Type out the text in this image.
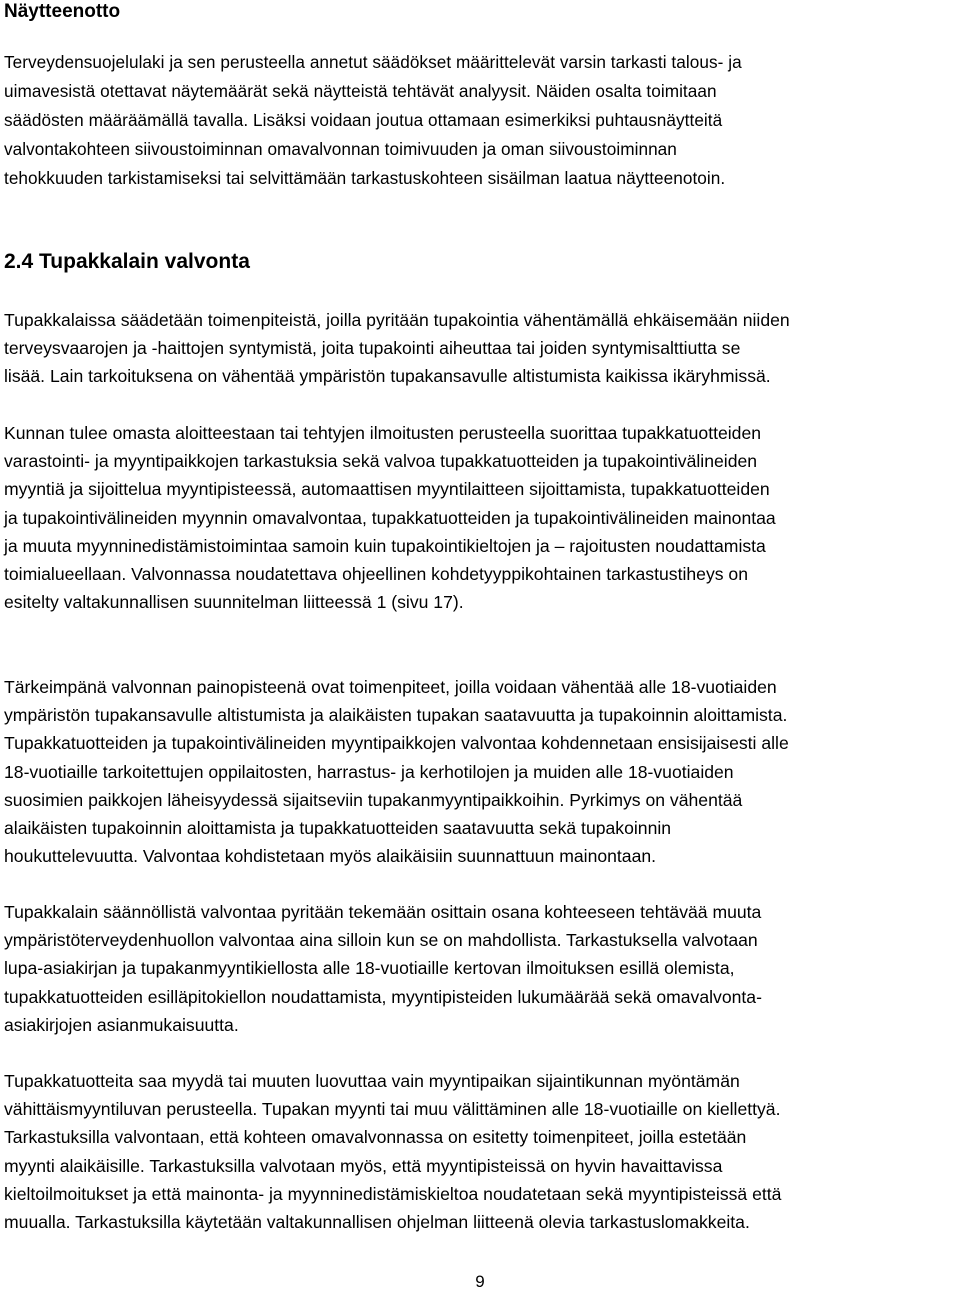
Näytteenotto

Terveydensuojelulaki ja sen perusteella annetut säädökset määrittelevät varsin tarkasti talous- ja
uimavesistä otettavat näytemäärät sekä näytteistä tehtävät analyysit. Näiden osalta toimitaan
säädösten määräämällä tavalla. Lisäksi voidaan joutua ottamaan esimerkiksi puhtausnäytteitä
valvontakohteen siivoustoiminnan omavalvonnan toimivuuden ja oman siivoustoiminnan
tehokkuuden tarkistamiseksi tai selvittämään tarkastuskohteen sisäilman laatua näytteenotoin.

2.4 Tupakkalain valvonta

Tupakkalaissa säädetään toimenpiteistä, joilla pyritään tupakointia vähentämällä ehkäisemään niiden
terveysvaarojen ja -haittojen syntymistä, joita tupakointi aiheuttaa tai joiden syntymisalttiutta se
lisää. Lain tarkoituksena on vähentää ympäristön tupakansavulle altistumista kaikissa ikäryhmissä.

Kunnan tulee omasta aloitteestaan tai tehtyjen ilmoitusten perusteella suorittaa tupakkatuotteiden
varastointi- ja myyntipaikkojen tarkastuksia sekä valvoa tupakkatuotteiden ja tupakointivälineiden
myyntiä ja sijoittelua myyntipisteessä, automaattisen myyntilaitteen sijoittamista, tupakkatuotteiden
ja tupakointivälineiden myynnin omavalvontaa, tupakkatuotteiden ja tupakointivälineiden mainontaa
ja muuta myynninedistämistoimintaa samoin kuin tupakointikieltojen ja – rajoitusten noudattamista
toimialueellaan. Valvonnassa noudatettava ohjeellinen kohdetyyppikohtainen tarkastustiheys on
esitelty valtakunnallisen suunnitelman liitteessä 1 (sivu 17).

Tärkeimpänä valvonnan painopisteenä ovat toimenpiteet, joilla voidaan vähentää alle 18-vuotiaiden
ympäristön tupakansavulle altistumista ja alaikäisten tupakan saatavuutta ja tupakoinnin aloittamista.
Tupakkatuotteiden ja tupakointivälineiden myyntipaikkojen valvontaa kohdennetaan ensisijaisesti alle
18-vuotiaille tarkoitettujen oppilaitosten, harrastus- ja kerhotilojen ja muiden alle 18-vuotiaiden
suosimien paikkojen läheisyydessä sijaitseviin tupakanmyyntipaikkoihin. Pyrkimys on vähentää
alaikäisten tupakoinnin aloittamista ja tupakkatuotteiden saatavuutta sekä tupakoinnin
houkuttelevuutta. Valvontaa kohdistetaan myös alaikäisiin suunnattuun mainontaan.

Tupakkalain säännöllistä valvontaa pyritään tekemään osittain osana kohteeseen tehtävää muuta
ympäristöterveydenhuollon valvontaa aina silloin kun se on mahdollista. Tarkastuksella valvotaan
lupa-asiakirjan ja tupakanmyyntikiellosta alle 18-vuotiaille kertovan ilmoituksen esillä olemista,
tupakkatuotteiden esilläpitokiellon noudattamista, myyntipisteiden lukumäärää sekä omavalvonta-
asiakirjojen asianmukaisuutta.

Tupakkatuotteita saa myydä tai muuten luovuttaa vain myyntipaikan sijaintikunnan myöntämän
vähittäismyyntiluvan perusteella. Tupakan myynti tai muu välittäminen alle 18-vuotiaille on kiellettyä.
Tarkastuksilla valvontaan, että kohteen omavalvonnassa on esitetty toimenpiteet, joilla estetään
myynti alaikäisille. Tarkastuksilla valvotaan myös, että myyntipisteissä on hyvin havaittavissa
kieltoilmoitukset ja että mainonta- ja myynninedistämiskieltoa noudatetaan sekä myyntipisteissä että
muualla. Tarkastuksilla käytetään valtakunnallisen ohjelman liitteenä olevia tarkastuslomakkeita.

9
